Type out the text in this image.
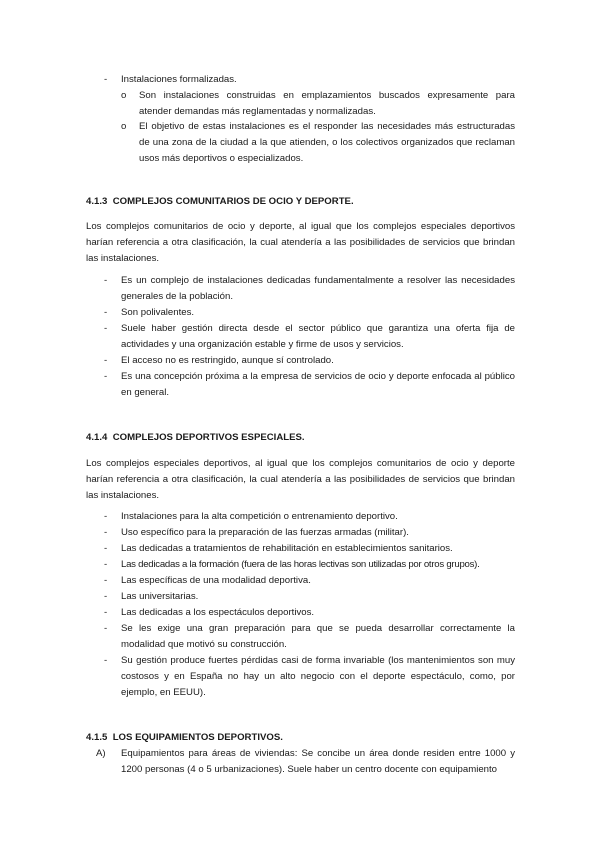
- Instalaciones formalizadas.

o Son instalaciones construidas en emplazamientos buscados expresamente para atender demandas más reglamentadas y normalizadas.

o El objetivo de estas instalaciones es el responder las necesidades más estructuradas de una zona de la ciudad a la que atienden, o los colectivos organizados que reclaman usos más deportivos o especializados.

4.1.3 COMPLEJOS COMUNITARIOS DE OCIO Y DEPORTE.

Los complejos comunitarios de ocio y deporte, al igual que los complejos especiales deportivos harían referencia a otra clasificación, la cual atendería a las posibilidades de servicios que brindan las instalaciones.

- Es un complejo de instalaciones dedicadas fundamentalmente a resolver las necesidades generales de la población.

- Son polivalentes.

- Suele haber gestión directa desde el sector público que garantiza una oferta fija de actividades y una organización estable y firme de usos y servicios.

- El acceso no es restringido, aunque sí controlado.

- Es una concepción próxima a la empresa de servicios de ocio y deporte enfocada al público en general.

4.1.4 COMPLEJOS DEPORTIVOS ESPECIALES.

Los complejos especiales deportivos, al igual que los complejos comunitarios de ocio y deporte harían referencia a otra clasificación, la cual atendería a las posibilidades de servicios que brindan las instalaciones.

- Instalaciones para la alta competición o entrenamiento deportivo.

- Uso específico para la preparación de las fuerzas armadas (militar).

- Las dedicadas a tratamientos de rehabilitación en establecimientos sanitarios.

- Las dedicadas a la formación (fuera de las horas lectivas son utilizadas por otros grupos).

- Las específicas de una modalidad deportiva.

- Las universitarias.

- Las dedicadas a los espectáculos deportivos.

- Se les exige una gran preparación para que se pueda desarrollar correctamente la modalidad que motivó su construcción.

- Su gestión produce fuertes pérdidas casi de forma invariable (los mantenimientos son muy costosos y en España no hay un alto negocio con el deporte espectáculo, como, por ejemplo, en EEUU).

4.1.5 LOS EQUIPAMIENTOS DEPORTIVOS.

A) Equipamientos para áreas de viviendas: Se concibe un área donde residen entre 1000 y 1200 personas (4 o 5 urbanizaciones). Suele haber un centro docente con equipamiento
